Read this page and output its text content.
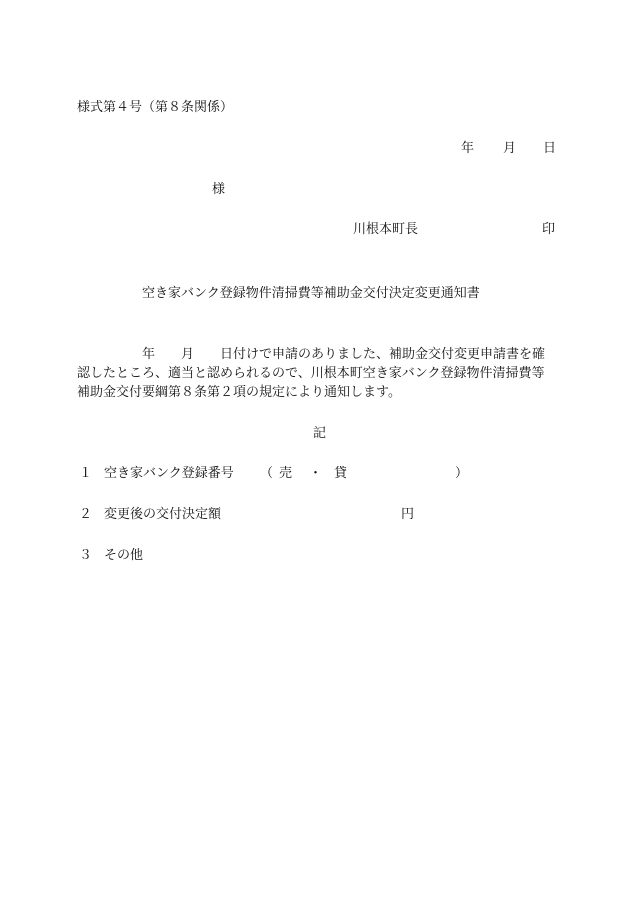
様式第４号（第８条関係）
年 月 日
様
川根本町長	印
空き家バンク登録物件清掃費等補助金交付決定変更通知書
　　　　　年　　月　　日付けで申請のありました、補助金交付変更申請書を確
認したところ、適当と認められるので、川根本町空き家バンク登録物件清掃費等
補助金交付要綱第８条第２項の規定により通知します。
記
１ 空き家バンク登録番号 （ 売 ・ 貸	）
２ 変更後の交付決定額	円
３ その他
